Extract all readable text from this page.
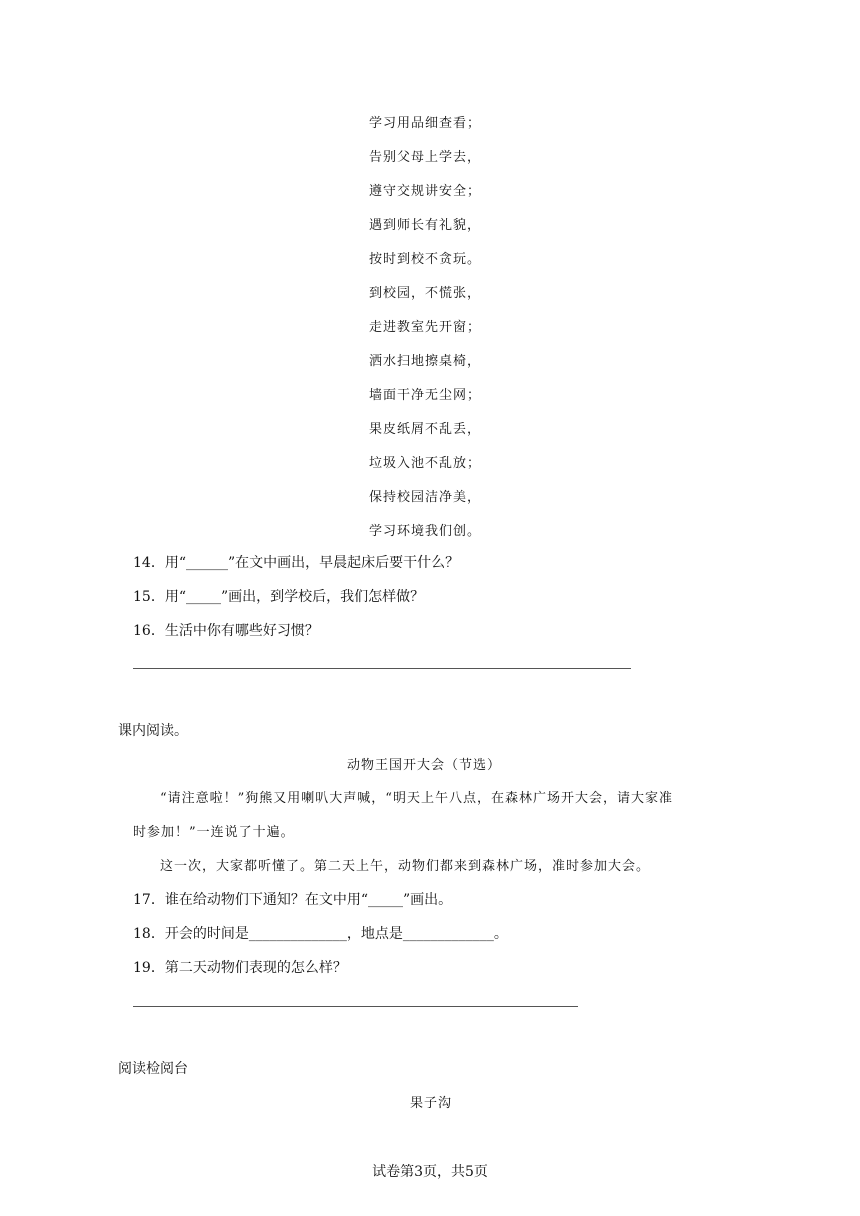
学习用品细查看；
告别父母上学去，
遵守交规讲安全；
遇到师长有礼貌，
按时到校不贪玩。
到校园，不慌张，
走进教室先开窗；
洒水扫地擦桌椅，
墙面干净无尘网；
果皮纸屑不乱丢，
垃圾入池不乱放；
保持校园洁净美，
学习环境我们创。
14．用“______”在文中画出，早晨起床后要干什么？
15．用“_____”画出，到学校后，我们怎样做？
16．生活中你有哪些好习惯？
课内阅读。
动物王国开大会（节选）
“请注意啦！”狗熊又用喇叭大声喊，“明天上午八点，在森林广场开大会，请大家准
时参加！”一连说了十遍。
这一次，大家都听懂了。第二天上午，动物们都来到森林广场，准时参加大会。
17．谁在给动物们下通知？在文中用“_____”画出。
18．开会的时间是______________，地点是_____________。
19．第二天动物们表现的怎么样？
阅读检阅台
果子沟
试卷第3页，共5页
